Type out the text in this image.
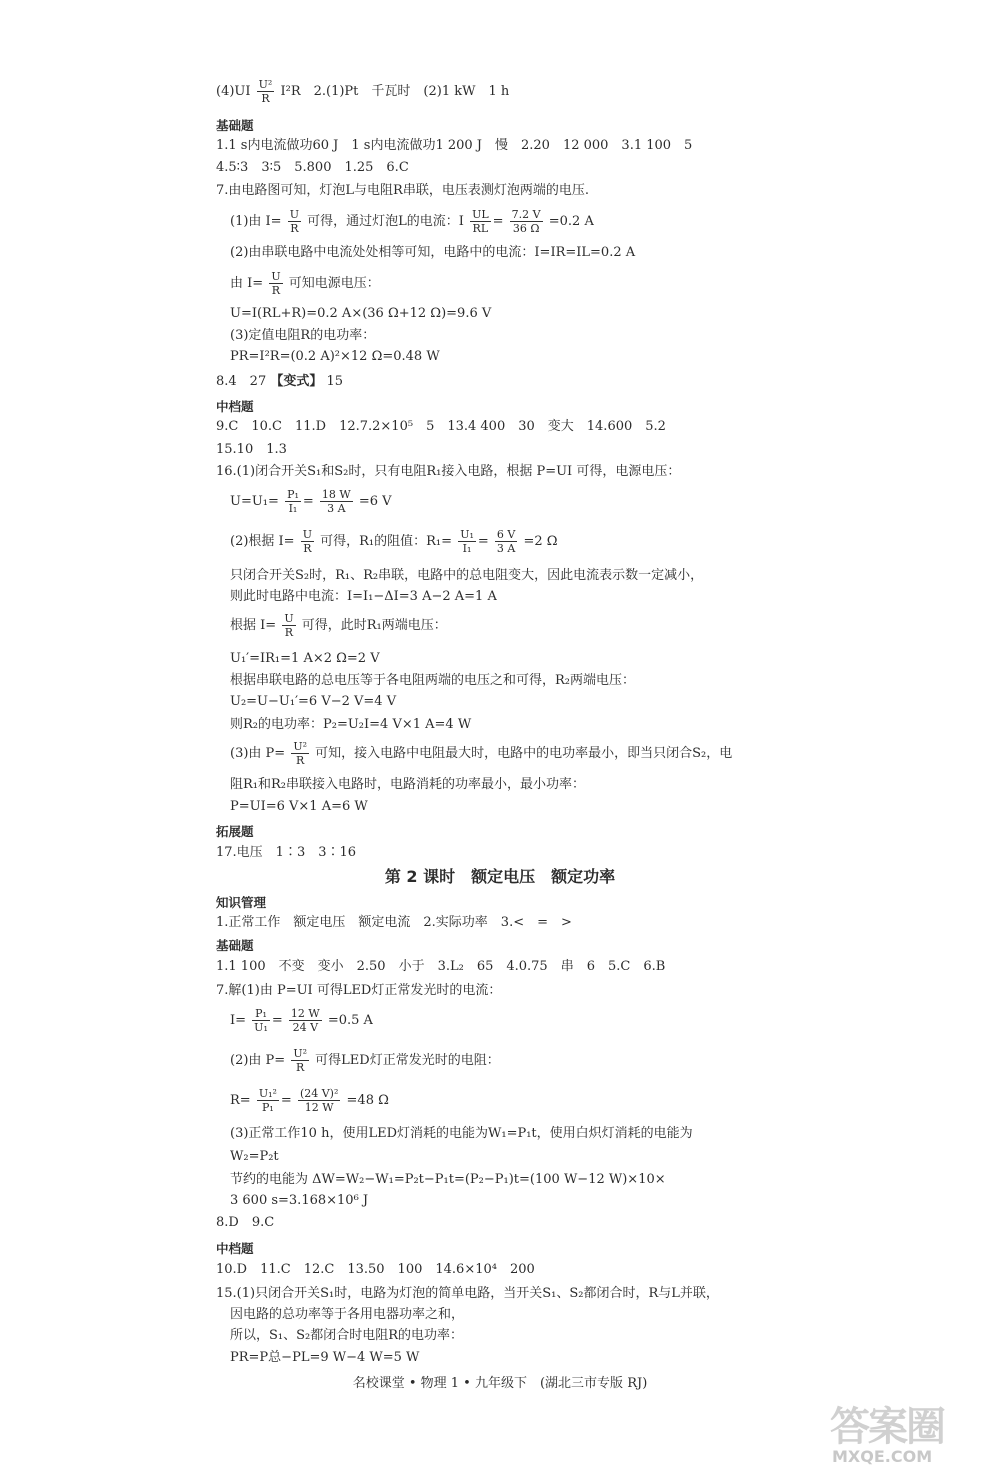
$(4)UI \frac{\text{U²}}{R} I^2R$　2.(1)Pt　千瓦时　(2)1 kW　1 h
基础题
1.1 s内电流做功60 J　1 s内电流做功1 200 J　慢　2.20　12 000　3.1 100　5
4.5∶3　3∶5　5.800　1.25　6.C
7.由电路图可知，灯泡L与电阻R串联，电压表测灯泡两端的电压.
(1)由 $I= \frac{U}{R}$ 可得，通过灯泡L的电流：I $\frac{UL}{RL} = \frac{7.2 V}{36 \Omega} =0.2$ A
(2)由串联电路中电流处处相等可知，电路中的电流：I=IR=IL=0.2 A
由 $I= \frac{U}{R}$ 可知电源电压：
U=I(RL+R)=0.2 A×(36 Ω+12 Ω)=9.6 V
(3)定值电阻R的电功率：
PR=I²R=(0.2 A)²×12 Ω=0.48 W
8.4　27 【变式】 15
中档题
9.C　10.C　11.D　12.7.2×10⁵　5　13.4 400　30　变大　14.600　5.2
15.10　1.3
16.(1)闭合开关S₁和S₂时，只有电阻R₁接入电路，根据 P=UI 可得，电源电压：
$U=U_1= \frac{\text{P₁}}{\text{I₁}} = \frac{18 W}{3 A} =6$ V
(2)根据 $I= \frac{U}{R}$ 可得，R₁的阻值：$R_1= \frac{\text{U₁}}{\text{I₁}} = \frac{6 V}{3 A} =2$ Ω
只闭合开关S₂时，R₁、R₂串联，电路中的总电阻变大，因此电流表示数一定减小，
则此时电路中电流：I=I₁−ΔI=3 A−2 A=1 A
根据 $I= \frac{U}{R}$ 可得，此时R₁两端电压：
U₁′=IR₁=1 A×2 Ω=2 V
根据串联电路的总电压等于各电阻两端的电压之和可得，R₂两端电压：
U₂=U−U₁′=6 V−2 V=4 V
则R₂的电功率：P₂=U₂I=4 V×1 A=4 W
(3)由 $P= \frac{\text{U²}}{R}$ 可知，接入电路中电阻最大时，电路中的电功率最小，即当只闭合S₂，电
阻R₁和R₂串联接入电路时，电路消耗的功率最小，最小功率：
P=UI=6 V×1 A=6 W
拓展题
17.电压　1∶3　3∶16
第 2 课时　额定电压　额定功率
知识管理
1.正常工作　额定电压　额定电流　2.实际功率　3.<　=　>
基础题
1.1 100　不变　变小　2.50　小于　3.L₂　65　4.0.75　串　6　5.C　6.B
7.解(1)由 P=UI 可得LED灯正常发光时的电流：
$I= \frac{\text{P₁}}{\text{U₁}} = \frac{12 W}{24 V} =0.5$ A
(2)由 $P= \frac{\text{U²}}{R}$ 可得LED灯正常发光时的电阻：
$R= \frac{\text{U₁²}}{\text{P₁}} = \frac{\text{(24 V)²}}{12 W} =48$ Ω
(3)正常工作10 h，使用LED灯消耗的电能为W₁=P₁t，使用白炽灯消耗的电能为
W₂=P₂t
节约的电能为 ΔW=W₂−W₁=P₂t−P₁t=(P₂−P₁)t=(100 W−12 W)×10×
3 600 s=3.168×10⁶ J
8.D　9.C
中档题
10.D　11.C　12.C　13.50　100　14.6×10⁴　200
15.(1)只闭合开关S₁时，电路为灯泡的简单电路，当开关S₁、S₂都闭合时，R与L并联，
因电路的总功率等于各用电器功率之和，
所以，S₁、S₂都闭合时电阻R的电功率：
PR=P总−PL=9 W−4 W=5 W
名校课堂 • 物理 1 • 九年级下　(湖北三市专版 RJ)
答案圈
MXQE.COM
